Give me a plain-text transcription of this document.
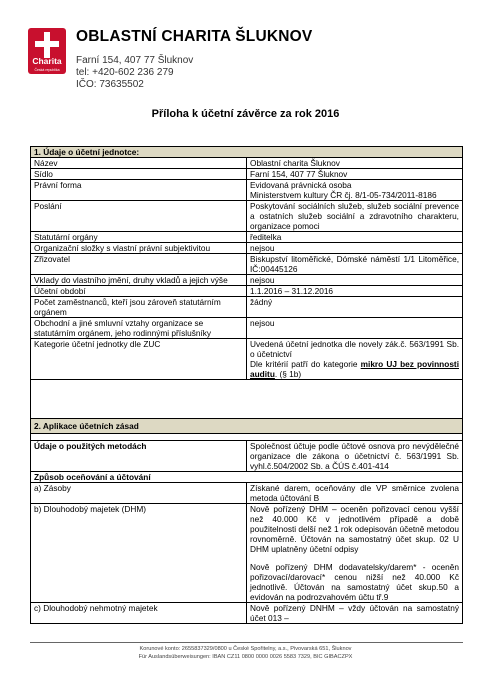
Charita
Česká republika
OBLASTNÍ CHARITA ŠLUKNOV
Farní 154, 407 77 Šluknov
tel: +420-602 236 279
IČO: 73635502
Příloha k účetní závěrce za rok 2016
1. Údaje o účetní jednotce:	
Název	Oblastní charita Šluknov
Sídlo	Farní 154, 407 77 Šluknov
Právní forma	Evidovaná právnická osoba
Ministerstvem kultury ČR čj. 8/1-05-734/2011-8186

Poslání	Poskytování sociálních služeb, služeb sociální prevence a ostatních služeb sociální a zdravotního charakteru, organizace pomoci
Statutární orgány	ředitelka
Organizační složky s vlastní právní subjektivitou	nejsou
Zřizovatel	Biskupství litoměřické, Dómské náměstí 1/1 Litoměřice, IČ:00445126
Vklady do vlastního jmění, druhy vkladů a jejich výše	nejsou
Účetní období	1.1.2016 – 31.12.2016
Počet zaměstnanců, kteří jsou zároveň statutárním orgánem	žádný
Obchodní a jiné smluvní vztahy organizace se statutárním orgánem, jeho rodinnými příslušníky	nejsou
Kategorie účetní jednotky dle ZUC	Uvedená účetní jednotka dle novely zák.č. 563/1991 Sb. o účetnictví
Dle kritérií patří do kategorie mikro UJ bez povinnosti auditu. (§ 1b)

2. Aplikace účetních zásad	

Údaje o použitých metodách	Společnost účtuje podle účtové osnova pro nevýdělečné organizace dle zákona o účetnictví č. 563/1991 Sb. vyhl.č.504/2002 Sb. a ČÚS č.401-414
Způsob oceňování a účtování	
a) Zásoby	Získané darem, oceňovány dle VP směrnice zvolena metoda účtování B
b) Dlouhodobý majetek (DHM)	Nově pořízený DHM – oceněn pořizovací cenou vyšší než 40.000 Kč v jednotlivém případě a době použitelnosti delší než 1 rok odepisován účetně metodou rovnoměrně. Účtován na samostatný účet skup. 02 U DHM uplatněny účetní odpisy

Nově pořízený DHM dodavatelsky/darem* - oceněn pořizovací/darovací* cenou nižší než 40.000 Kč jednotlivě. Účtován na samostatný účet skup.50 a evidován na podrozvahovém účtu tř.9

c) Dlouhodobý nehmotný majetek	Nově pořízený DNHM – vždy účtován na samostatný účet 013 –
Korunové konto: 2655837329/0800 u České Spořitelny, a.s., Pivovarská 651, Šluknov
Für Auslandsüberweisungen: IBAN CZ11 0800 0000 0026 5583 7329, BIC GIBACZPX
